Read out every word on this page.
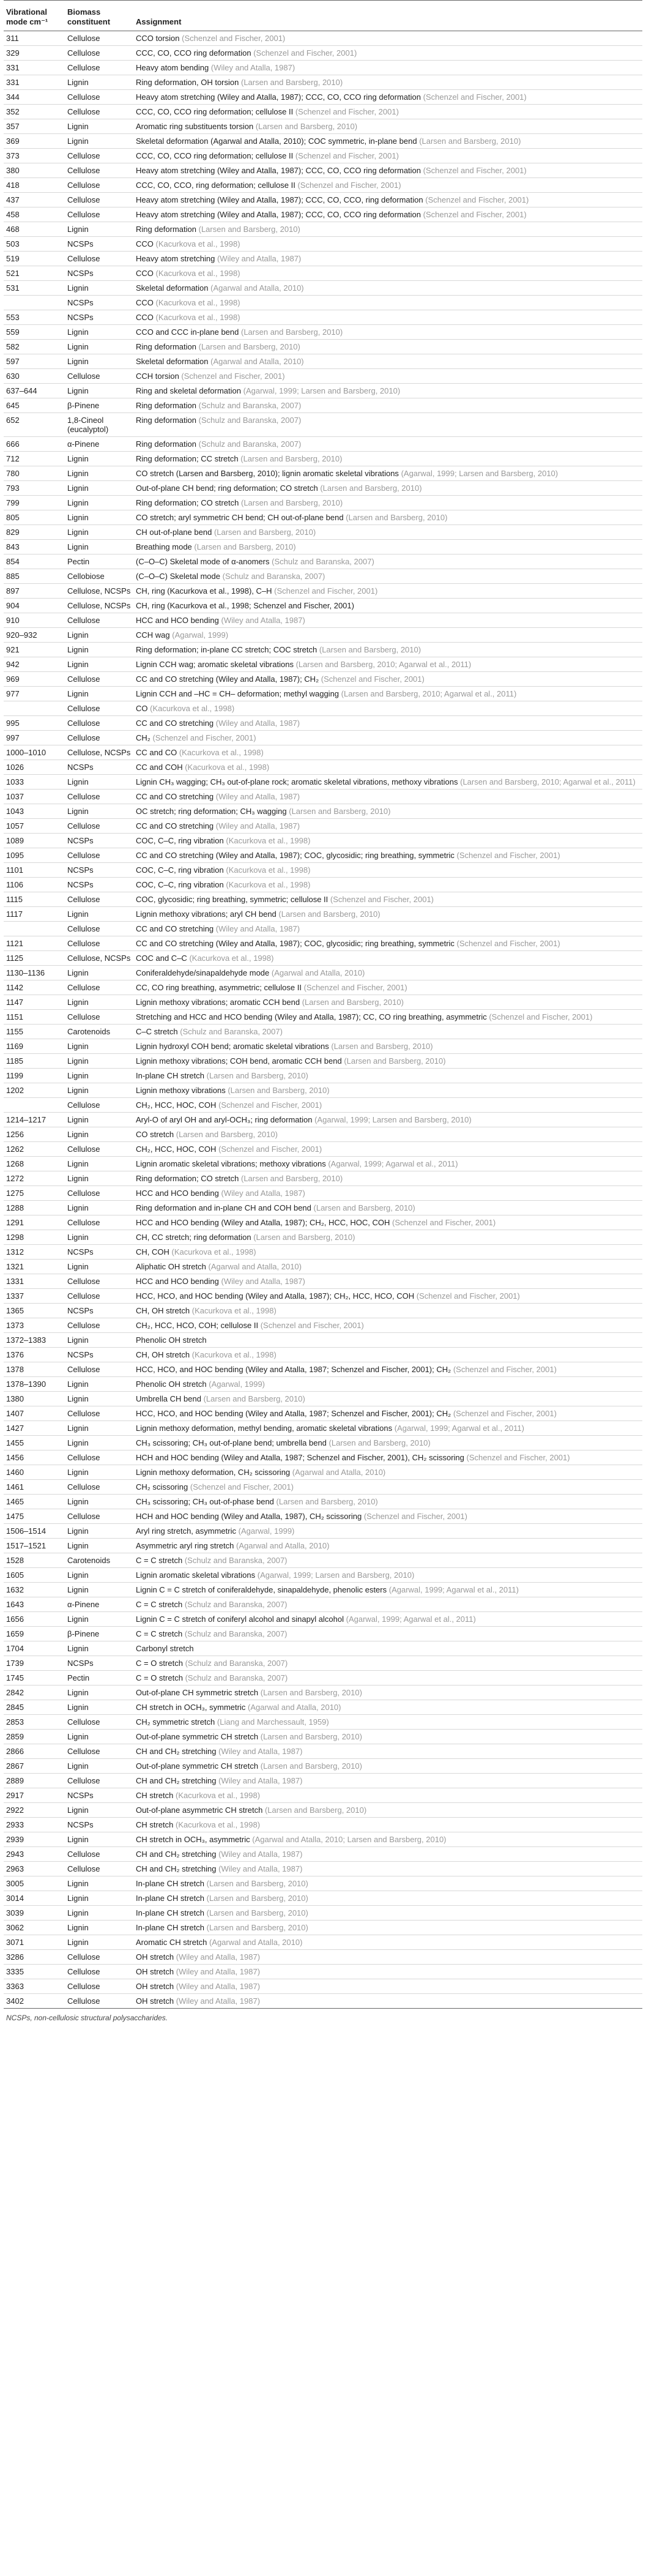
Vibrational mode cm⁻¹	Biomass constituent	Assignment
311	Cellulose	CCO torsion (Schenzel and Fischer, 2001)
329	Cellulose	CCC, CO, CCO ring deformation (Schenzel and Fischer, 2001)
331	Cellulose	Heavy atom bending (Wiley and Atalla, 1987)
331	Lignin	Ring deformation, OH torsion (Larsen and Barsberg, 2010)
344	Cellulose	Heavy atom stretching (Wiley and Atalla, 1987); CCC, CO, CCO ring deformation (Schenzel and Fischer, 2001)
352	Cellulose	CCC, CO, CCO ring deformation; cellulose II (Schenzel and Fischer, 2001)
357	Lignin	Aromatic ring substituents torsion (Larsen and Barsberg, 2010)
369	Lignin	Skeletal deformation (Agarwal and Atalla, 2010); COC symmetric, in-plane bend (Larsen and Barsberg, 2010)
373	Cellulose	CCC, CO, CCO ring deformation; cellulose II (Schenzel and Fischer, 2001)
380	Cellulose	Heavy atom stretching (Wiley and Atalla, 1987); CCC, CO, CCO ring deformation (Schenzel and Fischer, 2001)
418	Cellulose	CCC, CO, CCO, ring deformation; cellulose II (Schenzel and Fischer, 2001)
437	Cellulose	Heavy atom stretching (Wiley and Atalla, 1987); CCC, CO, CCO, ring deformation (Schenzel and Fischer, 2001)
458	Cellulose	Heavy atom stretching (Wiley and Atalla, 1987); CCC, CO, CCO ring deformation (Schenzel and Fischer, 2001)
468	Lignin	Ring deformation (Larsen and Barsberg, 2010)
503	NCSPs	CCO (Kacurkova et al., 1998)
519	Cellulose	Heavy atom stretching (Wiley and Atalla, 1987)
521	NCSPs	CCO (Kacurkova et al., 1998)
531	Lignin	Skeletal deformation (Agarwal and Atalla, 2010)
	NCSPs	CCO (Kacurkova et al., 1998)
553	NCSPs	CCO (Kacurkova et al., 1998)
559	Lignin	CCO and CCC in-plane bend (Larsen and Barsberg, 2010)
582	Lignin	Ring deformation (Larsen and Barsberg, 2010)
597	Lignin	Skeletal deformation (Agarwal and Atalla, 2010)
630	Cellulose	CCH torsion (Schenzel and Fischer, 2001)
637–644	Lignin	Ring and skeletal deformation (Agarwal, 1999; Larsen and Barsberg, 2010)
645	β-Pinene	Ring deformation (Schulz and Baranska, 2007)
652	1,8-Cineol (eucalyptol)	Ring deformation (Schulz and Baranska, 2007)
666	α-Pinene	Ring deformation (Schulz and Baranska, 2007)
712	Lignin	Ring deformation; CC stretch (Larsen and Barsberg, 2010)
780	Lignin	CO stretch (Larsen and Barsberg, 2010); lignin aromatic skeletal vibrations (Agarwal, 1999; Larsen and Barsberg, 2010)
793	Lignin	Out-of-plane CH bend; ring deformation; CO stretch (Larsen and Barsberg, 2010)
799	Lignin	Ring deformation; CO stretch (Larsen and Barsberg, 2010)
805	Lignin	CO stretch; aryl symmetric CH bend; CH out-of-plane bend (Larsen and Barsberg, 2010)
829	Lignin	CH out-of-plane bend (Larsen and Barsberg, 2010)
843	Lignin	Breathing mode (Larsen and Barsberg, 2010)
854	Pectin	(C–O–C) Skeletal mode of α-anomers (Schulz and Baranska, 2007)
885	Cellobiose	(C–O–C) Skeletal mode (Schulz and Baranska, 2007)
897	Cellulose, NCSPs	CH, ring (Kacurkova et al., 1998), C–H (Schenzel and Fischer, 2001)
904	Cellulose, NCSPs	CH, ring (Kacurkova et al., 1998; Schenzel and Fischer, 2001)
910	Cellulose	HCC and HCO bending (Wiley and Atalla, 1987)
920–932	Lignin	CCH wag (Agarwal, 1999)
921	Lignin	Ring deformation; in-plane CC stretch; COC stretch (Larsen and Barsberg, 2010)
942	Lignin	Lignin CCH wag; aromatic skeletal vibrations (Larsen and Barsberg, 2010; Agarwal et al., 2011)
969	Cellulose	CC and CO stretching (Wiley and Atalla, 1987); CH₂ (Schenzel and Fischer, 2001)
977	Lignin	Lignin CCH and –HC = CH– deformation; methyl wagging (Larsen and Barsberg, 2010; Agarwal et al., 2011)
	Cellulose	CO (Kacurkova et al., 1998)
995	Cellulose	CC and CO stretching (Wiley and Atalla, 1987)
997	Cellulose	CH₂ (Schenzel and Fischer, 2001)
1000–1010	Cellulose, NCSPs	CC and CO (Kacurkova et al., 1998)
1026	NCSPs	CC and COH (Kacurkova et al., 1998)
1033	Lignin	Lignin CH₃ wagging; CH₃ out-of-plane rock; aromatic skeletal vibrations, methoxy vibrations (Larsen and Barsberg, 2010; Agarwal et al., 2011)
1037	Cellulose	CC and CO stretching (Wiley and Atalla, 1987)
1043	Lignin	OC stretch; ring deformation; CH₃ wagging (Larsen and Barsberg, 2010)
1057	Cellulose	CC and CO stretching (Wiley and Atalla, 1987)
1089	NCSPs	COC, C–C, ring vibration (Kacurkova et al., 1998)
1095	Cellulose	CC and CO stretching (Wiley and Atalla, 1987); COC, glycosidic; ring breathing, symmetric (Schenzel and Fischer, 2001)
1101	NCSPs	COC, C–C, ring vibration (Kacurkova et al., 1998)
1106	NCSPs	COC, C–C, ring vibration (Kacurkova et al., 1998)
1115	Cellulose	COC, glycosidic; ring breathing, symmetric; cellulose II (Schenzel and Fischer, 2001)
1117	Lignin	Lignin methoxy vibrations; aryl CH bend (Larsen and Barsberg, 2010)
	Cellulose	CC and CO stretching (Wiley and Atalla, 1987)
1121	Cellulose	CC and CO stretching (Wiley and Atalla, 1987); COC, glycosidic; ring breathing, symmetric (Schenzel and Fischer, 2001)
1125	Cellulose, NCSPs	COC and C–C (Kacurkova et al., 1998)
1130–1136	Lignin	Coniferaldehyde/sinapaldehyde mode (Agarwal and Atalla, 2010)
1142	Cellulose	CC, CO ring breathing, asymmetric; cellulose II (Schenzel and Fischer, 2001)
1147	Lignin	Lignin methoxy vibrations; aromatic CCH bend (Larsen and Barsberg, 2010)
1151	Cellulose	Stretching and HCC and HCO bending (Wiley and Atalla, 1987); CC, CO ring breathing, asymmetric (Schenzel and Fischer, 2001)
1155	Carotenoids	C–C stretch (Schulz and Baranska, 2007)
1169	Lignin	Lignin hydroxyl COH bend; aromatic skeletal vibrations (Larsen and Barsberg, 2010)
1185	Lignin	Lignin methoxy vibrations; COH bend, aromatic CCH bend (Larsen and Barsberg, 2010)
1199	Lignin	In-plane CH stretch (Larsen and Barsberg, 2010)
1202	Lignin	Lignin methoxy vibrations (Larsen and Barsberg, 2010)
	Cellulose	CH₂, HCC, HOC, COH (Schenzel and Fischer, 2001)
1214–1217	Lignin	Aryl-O of aryl OH and aryl-OCH₃; ring deformation (Agarwal, 1999; Larsen and Barsberg, 2010)
1256	Lignin	CO stretch (Larsen and Barsberg, 2010)
1262	Cellulose	CH₂, HCC, HOC, COH (Schenzel and Fischer, 2001)
1268	Lignin	Lignin aromatic skeletal vibrations; methoxy vibrations (Agarwal, 1999; Agarwal et al., 2011)
1272	Lignin	Ring deformation; CO stretch (Larsen and Barsberg, 2010)
1275	Cellulose	HCC and HCO bending (Wiley and Atalla, 1987)
1288	Lignin	Ring deformation and in-plane CH and COH bend (Larsen and Barsberg, 2010)
1291	Cellulose	HCC and HCO bending (Wiley and Atalla, 1987); CH₂, HCC, HOC, COH (Schenzel and Fischer, 2001)
1298	Lignin	CH, CC stretch; ring deformation (Larsen and Barsberg, 2010)
1312	NCSPs	CH, COH (Kacurkova et al., 1998)
1321	Lignin	Aliphatic OH stretch (Agarwal and Atalla, 2010)
1331	Cellulose	HCC and HCO bending (Wiley and Atalla, 1987)
1337	Cellulose	HCC, HCO, and HOC bending (Wiley and Atalla, 1987); CH₂, HCC, HCO, COH (Schenzel and Fischer, 2001)
1365	NCSPs	CH, OH stretch (Kacurkova et al., 1998)
1373	Cellulose	CH₂, HCC, HCO, COH; cellulose II (Schenzel and Fischer, 2001)
1372–1383	Lignin	Phenolic OH stretch
1376	NCSPs	CH, OH stretch (Kacurkova et al., 1998)
1378	Cellulose	HCC, HCO, and HOC bending (Wiley and Atalla, 1987; Schenzel and Fischer, 2001); CH₂ (Schenzel and Fischer, 2001)
1378–1390	Lignin	Phenolic OH stretch (Agarwal, 1999)
1380	Lignin	Umbrella CH bend (Larsen and Barsberg, 2010)
1407	Cellulose	HCC, HCO, and HOC bending (Wiley and Atalla, 1987; Schenzel and Fischer, 2001); CH₂ (Schenzel and Fischer, 2001)
1427	Lignin	Lignin methoxy deformation, methyl bending, aromatic skeletal vibrations (Agarwal, 1999; Agarwal et al., 2011)
1455	Lignin	CH₃ scissoring; CH₃ out-of-plane bend; umbrella bend (Larsen and Barsberg, 2010)
1456	Cellulose	HCH and HOC bending (Wiley and Atalla, 1987; Schenzel and Fischer, 2001), CH₂ scissoring (Schenzel and Fischer, 2001)
1460	Lignin	Lignin methoxy deformation, CH₂ scissoring (Agarwal and Atalla, 2010)
1461	Cellulose	CH₂ scissoring (Schenzel and Fischer, 2001)
1465	Lignin	CH₃ scissoring; CH₃ out-of-phase bend (Larsen and Barsberg, 2010)
1475	Cellulose	HCH and HOC bending (Wiley and Atalla, 1987), CH₂ scissoring (Schenzel and Fischer, 2001)
1506–1514	Lignin	Aryl ring stretch, asymmetric (Agarwal, 1999)
1517–1521	Lignin	Asymmetric aryl ring stretch (Agarwal and Atalla, 2010)
1528	Carotenoids	C = C stretch (Schulz and Baranska, 2007)
1605	Lignin	Lignin aromatic skeletal vibrations (Agarwal, 1999; Larsen and Barsberg, 2010)
1632	Lignin	Lignin C = C stretch of coniferaldehyde, sinapaldehyde, phenolic esters (Agarwal, 1999; Agarwal et al., 2011)
1643	α-Pinene	C = C stretch (Schulz and Baranska, 2007)
1656	Lignin	Lignin C = C stretch of coniferyl alcohol and sinapyl alcohol (Agarwal, 1999; Agarwal et al., 2011)
1659	β-Pinene	C = C stretch (Schulz and Baranska, 2007)
1704	Lignin	Carbonyl stretch
1739	NCSPs	C = O stretch (Schulz and Baranska, 2007)
1745	Pectin	C = O stretch (Schulz and Baranska, 2007)
2842	Lignin	Out-of-plane CH symmetric stretch (Larsen and Barsberg, 2010)
2845	Lignin	CH stretch in OCH₃, symmetric (Agarwal and Atalla, 2010)
2853	Cellulose	CH₂ symmetric stretch (Liang and Marchessault, 1959)
2859	Lignin	Out-of-plane symmetric CH stretch (Larsen and Barsberg, 2010)
2866	Cellulose	CH and CH₂ stretching (Wiley and Atalla, 1987)
2867	Lignin	Out-of-plane symmetric CH stretch (Larsen and Barsberg, 2010)
2889	Cellulose	CH and CH₂ stretching (Wiley and Atalla, 1987)
2917	NCSPs	CH stretch (Kacurkova et al., 1998)
2922	Lignin	Out-of-plane asymmetric CH stretch (Larsen and Barsberg, 2010)
2933	NCSPs	CH stretch (Kacurkova et al., 1998)
2939	Lignin	CH stretch in OCH₃, asymmetric (Agarwal and Atalla, 2010; Larsen and Barsberg, 2010)
2943	Cellulose	CH and CH₂ stretching (Wiley and Atalla, 1987)
2963	Cellulose	CH and CH₂ stretching (Wiley and Atalla, 1987)
3005	Lignin	In-plane CH stretch (Larsen and Barsberg, 2010)
3014	Lignin	In-plane CH stretch (Larsen and Barsberg, 2010)
3039	Lignin	In-plane CH stretch (Larsen and Barsberg, 2010)
3062	Lignin	In-plane CH stretch (Larsen and Barsberg, 2010)
3071	Lignin	Aromatic CH stretch (Agarwal and Atalla, 2010)
3286	Cellulose	OH stretch (Wiley and Atalla, 1987)
3335	Cellulose	OH stretch (Wiley and Atalla, 1987)
3363	Cellulose	OH stretch (Wiley and Atalla, 1987)
3402	Cellulose	OH stretch (Wiley and Atalla, 1987)
NCSPs, non-cellulosic structural polysaccharides.
